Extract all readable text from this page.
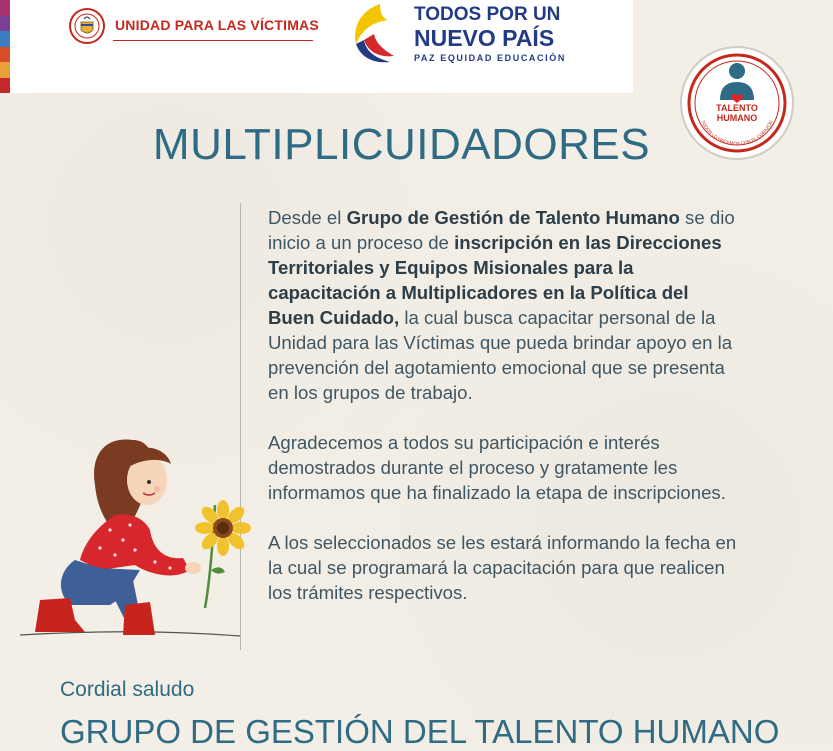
UNIDAD PARA LAS VÍCTIMAS	TODOS POR UN
NUEVO PAÍS
PAZ EQUIDAD EDUCACIÓN
TALENTO
HUMANO
TODOS LO HACEMOS CON EL CORAZÓN
MULTIPLICUIDADORES

Desde el Grupo de Gestión de Talento Humano se dio inicio a un proceso de inscripción en las Direcciones Territoriales y Equipos Misionales para la capacitación a Multiplicadores en la Política del Buen Cuidado, la cual busca capacitar personal de la Unidad para las Víctimas que pueda brindar apoyo en la prevención del agotamiento emocional que se presenta en los grupos de trabajo.

Agradecemos a todos su participación e interés demostrados durante el proceso y gratamente les informamos que ha finalizado la etapa de inscripciones.

A los seleccionados se les estará informando la fecha en la cual se programará la capacitación para que realicen los trámites respectivos.

Cordial saludo
GRUPO DE GESTIÓN DEL TALENTO HUMANO
